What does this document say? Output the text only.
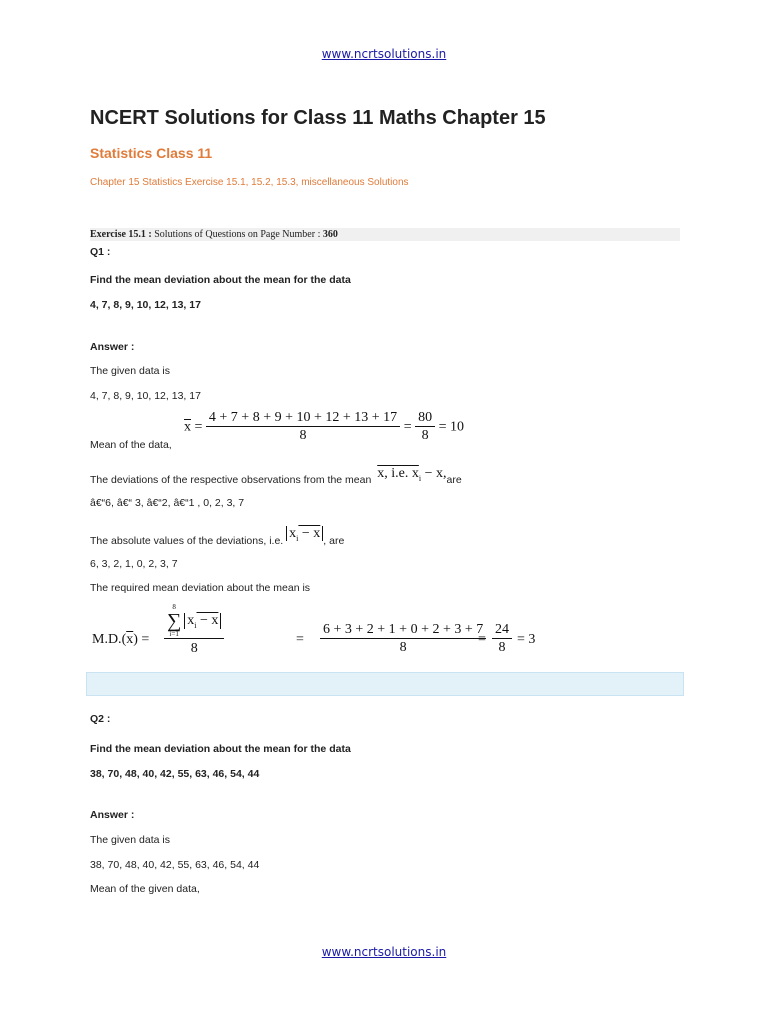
www.ncrtsolutions.in
NCERT Solutions for Class 11 Maths Chapter 15
Statistics Class 11
Chapter 15 Statistics Exercise 15.1, 15.2, 15.3, miscellaneous Solutions
Exercise 15.1 : Solutions of Questions on Page Number : 360
Q1 :
Find the mean deviation about the mean for the data
4, 7, 8, 9, 10, 12, 13, 17
Answer :
The given data is
4, 7, 8, 9, 10, 12, 13, 17
Mean of the data,
$\overline{x} = \frac{4 + 7 + 8 + 9 + 10 + 12 + 13 + 17}{8} = \frac{80}{8} = 10$
The deviations of the respective observations from the mean x, i.e. $x_i - x,are$
â€“6, â€“ 3, â€“2, â€“1 , 0, 2, 3, 7
The absolute values of the deviations, i.e. $x_i - x$ , are
6, 3, 2, 1, 0, 2, 3, 7
The required mean deviation about the mean is
$M.D.(\overline{x})$ =
8
∑
i=1
$x_i - x$
8
= $\frac{6 + 3 + 2 + 1 + 0 + 2 + 3 + 7}{8}$
= $\frac{24}{8} = 3$
Q2 :
Find the mean deviation about the mean for the data
38, 70, 48, 40, 42, 55, 63, 46, 54, 44
Answer :
The given data is
38, 70, 48, 40, 42, 55, 63, 46, 54, 44
Mean of the given data,
www.ncrtsolutions.in
